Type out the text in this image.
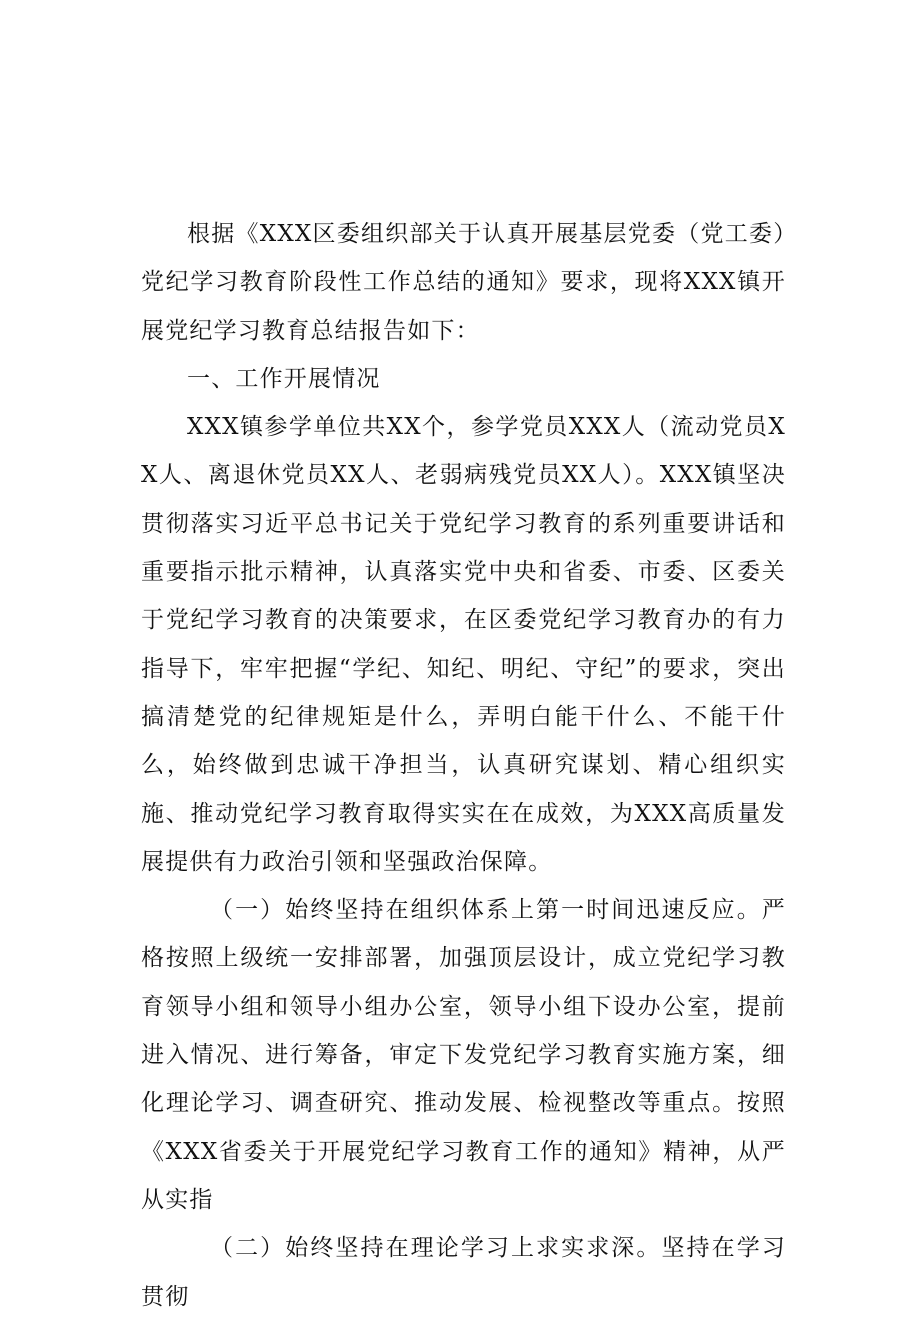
根据《XXX区委组织部关于认真开展基层党委（党工委）党纪学习教育阶段性工作总结的通知》要求，现将XXX镇开展党纪学习教育总结报告如下：

一、工作开展情况

XXX镇参学单位共XX个，参学党员XXX人（流动党员XX人、离退休党员XX人、老弱病残党员XX人）。XXX镇坚决贯彻落实习近平总书记关于党纪学习教育的系列重要讲话和重要指示批示精神，认真落实党中央和省委、市委、区委关于党纪学习教育的决策要求，在区委党纪学习教育办的有力指导下，牢牢把握“学纪、知纪、明纪、守纪”的要求，突出搞清楚党的纪律规矩是什么，弄明白能干什么、不能干什么，始终做到忠诚干净担当，认真研究谋划、精心组织实施、推动党纪学习教育取得实实在在成效，为XXX高质量发展提供有力政治引领和坚强政治保障。

（一）始终坚持在组织体系上第一时间迅速反应。严格按照上级统一安排部署，加强顶层设计，成立党纪学习教育领导小组和领导小组办公室，领导小组下设办公室，提前进入情况、进行筹备，审定下发党纪学习教育实施方案，细化理论学习、调查研究、推动发展、检视整改等重点。按照《XXX省委关于开展党纪学习教育工作的通知》精神，从严从实指

（二）始终坚持在理论学习上求实求深。坚持在学习贯彻
